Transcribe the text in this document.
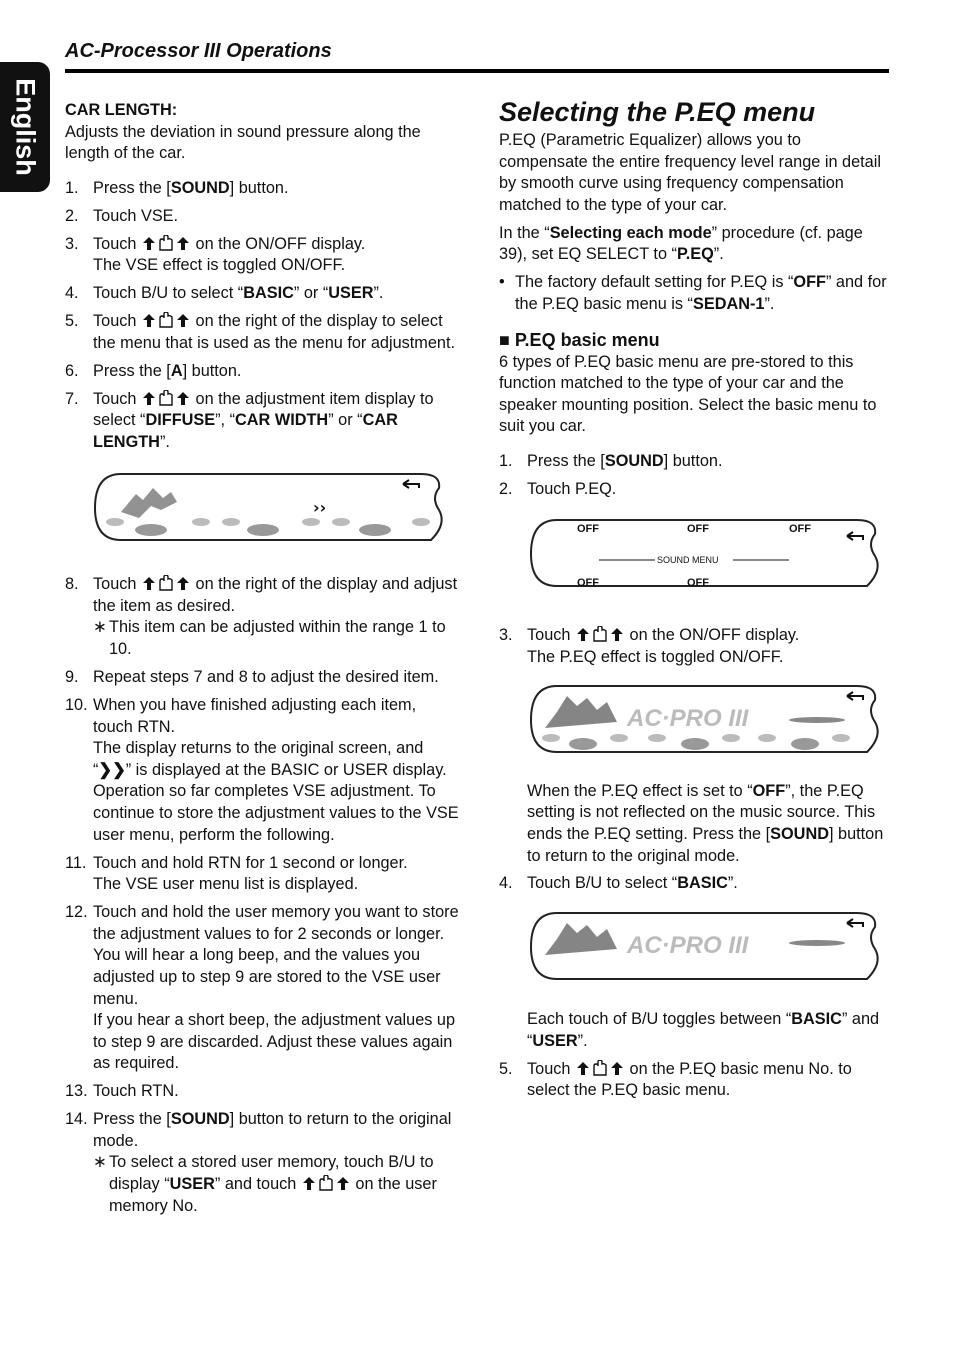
English
AC-Processor III Operations

CAR LENGTH:

Adjusts the deviation in sound pressure along the length of the car.

1. Press the [SOUND] button.
2. Touch VSE.
3. Touch	on the ON/OFF display.
The VSE effect is toggled ON/OFF.
4. Touch B/U to select “BASIC” or “USER”.
5. Touch	on the right of the display to select the menu that is used as the menu for adjustment.
6. Press the [A] button.
7. Touch	on the adjustment item display to select “DIFFUSE”, “CAR WIDTH” or “CAR LENGTH”.
››
8. Touch	on the right of the display and adjust the item as desired.
∗ This item can be adjusted within the range 1 to 10.
9. Repeat steps 7 and 8 to adjust the desired item.
10. When you have finished adjusting each item, touch RTN.
The display returns to the original screen, and “❯❯” is displayed at the BASIC or USER display.
Operation so far completes VSE adjustment. To continue to store the adjustment values to the VSE user menu, perform the following.
11. Touch and hold RTN for 1 second or longer.
The VSE user menu list is displayed.
12. Touch and hold the user memory you want to store the adjustment values to for 2 seconds or longer.
You will hear a long beep, and the values you adjusted up to step 9 are stored to the VSE user menu.
If you hear a short beep, the adjustment values up to step 9 are discarded. Adjust these values again as required.
13. Touch RTN.
14. Press the [SOUND] button to return to the original mode.
∗ To select a stored user memory, touch B/U to display “USER” and touch	on the user memory No.
Selecting the P.EQ menu

P.EQ (Parametric Equalizer) allows you to compensate the entire frequency level range in detail by smooth curve using frequency compensation matched to the type of your car.

In the “Selecting each mode” procedure (cf. page 39), set EQ SELECT to “P.EQ”.

• The factory default setting for P.EQ is “OFF” and for the P.EQ basic menu is “SEDAN-1”.
■ P.EQ basic menu

6 types of P.EQ basic menu are pre-stored to this function matched to the type of your car and the speaker mounting position. Select the basic menu to suit you car.

1. Press the [SOUND] button.
2. Touch P.EQ.
OFF	OFF	OFF
OFF	OFF
SOUND MENU
3. Touch	on the ON/OFF display.
The P.EQ effect is toggled ON/OFF.
AC·PRO III

When the P.EQ effect is set to “OFF”, the P.EQ setting is not reflected on the music source. This ends the P.EQ setting. Press the [SOUND] button to return to the original mode.

4. Touch B/U to select “BASIC”.
AC·PRO III

Each touch of B/U toggles between “BASIC” and “USER”.

5. Touch	on the P.EQ basic menu No. to select the P.EQ basic menu.
